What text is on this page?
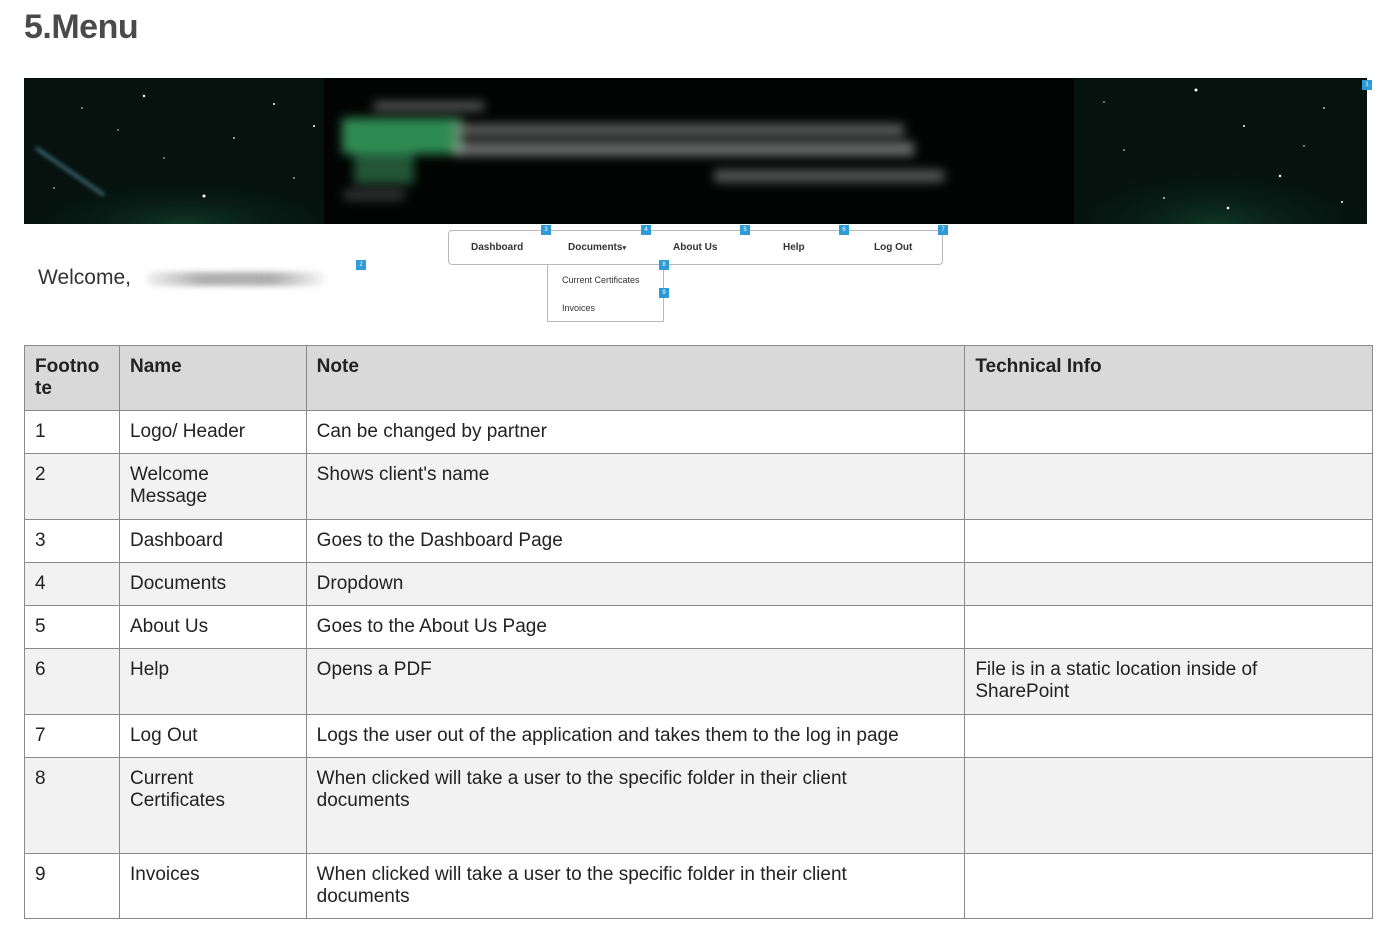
5.Menu
1
Welcome,
2
Dashboard	Documents▾	About Us	Help	Log Out
3	4	5	6	7
Current Certificates
Invoices
8
9
Footnote	Name	Note	Technical Info
1	Logo/ Header	Can be changed by partner	
2	Welcome Message	Shows client's name	
3	Dashboard	Goes to the Dashboard Page	
4	Documents	Dropdown	
5	About Us	Goes to the About Us Page	
6	Help	Opens a PDF	File is in a static location inside of SharePoint

7	Log Out	Logs the user out of the application and takes them to the log in page	
8	Current Certificates	When clicked will take a user to the specific folder in their client documents	

9	Invoices	When clicked will take a user to the specific folder in their client documents	
